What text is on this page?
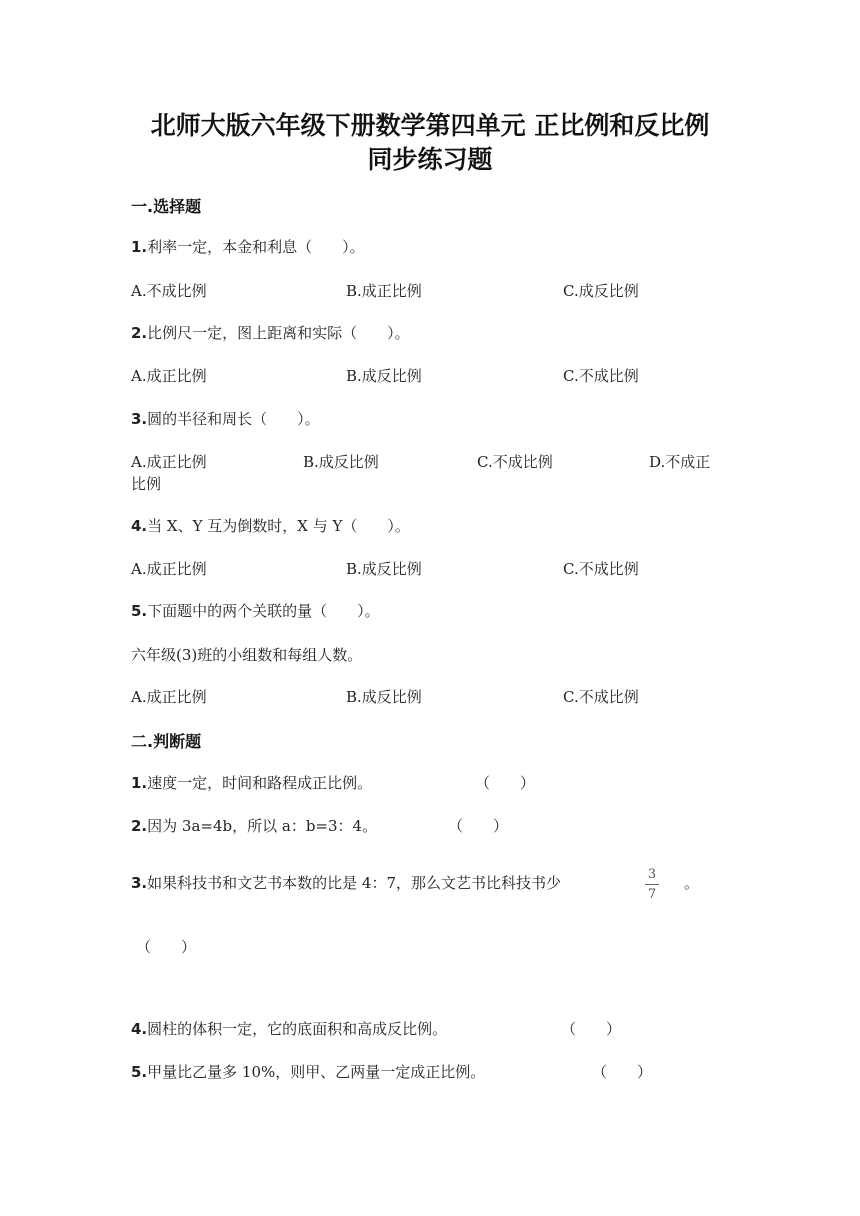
北师大版六年级下册数学第四单元 正比例和反比例
同步练习题
一.选择题
1.利率一定，本金和利息（　　）。
A.不成比例	B.成正比例	C.成反比例
2.比例尺一定，图上距离和实际（　　）。
A.成正比例	B.成反比例	C.不成比例
3.圆的半径和周长（　　）。
A.成正比例	B.成反比例	C.不成比例	D.不成正
比例
4.当 X、Y 互为倒数时，X 与 Y（　　）。
A.成正比例	B.成反比例	C.不成比例
5.下面题中的两个关联的量（　　）。
六年级(3)班的小组数和每组人数。
A.成正比例	B.成反比例	C.不成比例
二.判断题
1.速度一定，时间和路程成正比例。	（　　）
2.因为 3a=4b，所以 a：b=3：4。	（　　）
3.如果科技书和文艺书本数的比是 4：7，那么文艺书比科技书少	3
7
。
（　　）
4.圆柱的体积一定，它的底面积和高成反比例。	（　　）
5.甲量比乙量多 10%，则甲、乙两量一定成正比例。	（　　）
